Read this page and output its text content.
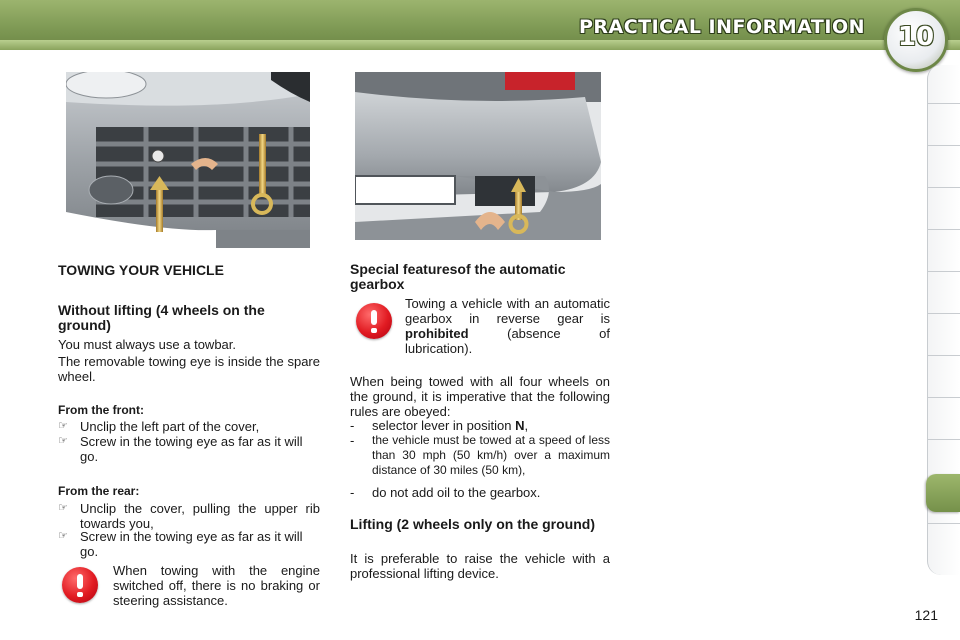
PRACTICAL INFORMATION	10
TOWING YOUR VEHICLE
Without lifting (4 wheels on the ground)
You must always use a towbar.
The removable towing eye is inside the spare wheel.
From the front:
☞ Unclip the left part of the cover,
☞ Screw in the towing eye as far as it will go.
From the rear:
☞ Unclip the cover, pulling the upper rib towards you,
☞ Screw in the towing eye as far as it will go.
When towing with the engine switched off, there is no braking or steering assistance.
Special featuresof the automatic gearbox
Towing a vehicle with an automatic gearbox in reverse gear is prohibited	(absence of lubrication).
When being towed with all four wheels on the ground, it is imperative that the following rules are obeyed:
- selector lever in position N,
- the vehicle must be towed at a speed of less than 30 mph (50 km/h) over a maximum distance of 30 miles (50 km),
- do not add oil to the gearbox.
Lifting (2 wheels only on the ground)
It is preferable to raise the vehicle with a professional lifting device.
121
